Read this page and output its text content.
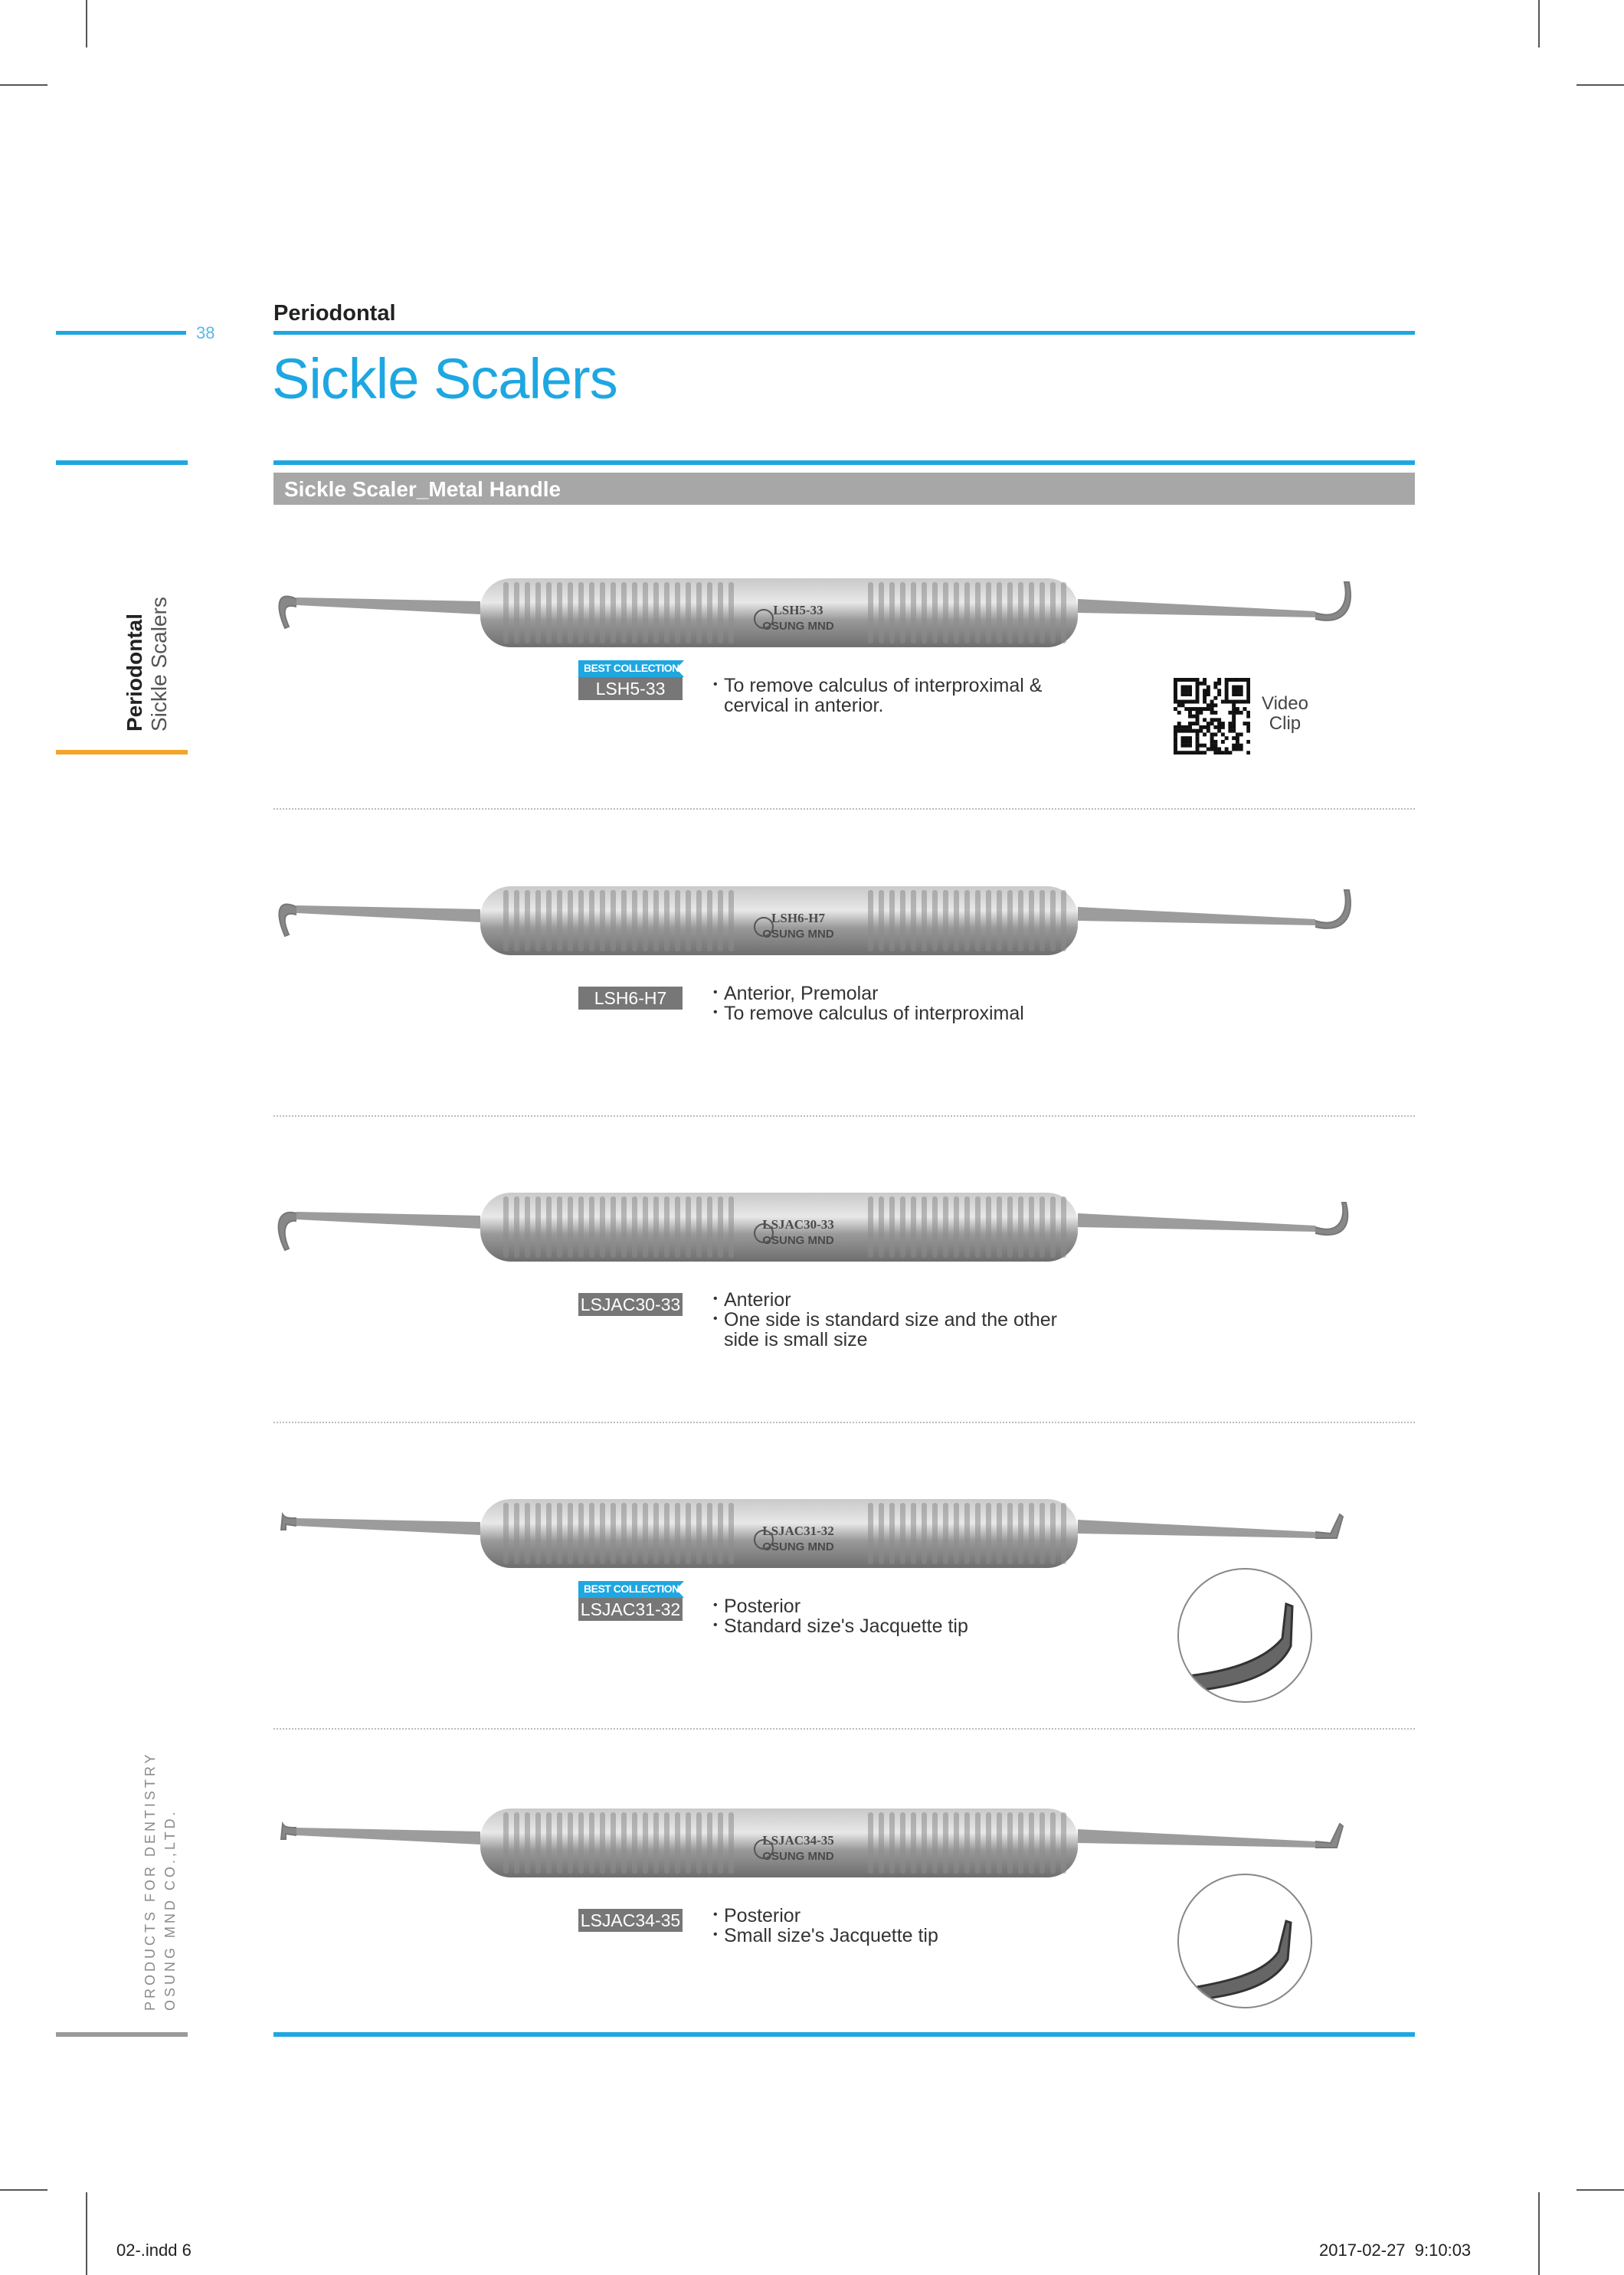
38
Periodontal
Sickle Scalers
Sickle Scaler_Metal Handle
Periodontal Sickle Scalers
PRODUCTS FOR DENTISTRY OSUNG MND CO.,LTD.
LSH5-33
OSUNG MND
BEST COLLECTION
LSH5-33	• To remove calculus of interproximal &
cervical in anterior.	Video
Clip
LSH6-H7
OSUNG MND
LSH6-H7	• Anterior, Premolar
• To remove calculus of interproximal
LSJAC30-33
OSUNG MND
LSJAC30-33	• Anterior
• One side is standard size and the other
side is small size
LSJAC31-32
OSUNG MND
BEST COLLECTION
LSJAC31-32	• Posterior
• Standard size's Jacquette tip
LSJAC34-35
OSUNG MND
LSJAC34-35	• Posterior
• Small size's Jacquette tip
02-.indd 6	2017-02-27 9:10:03
